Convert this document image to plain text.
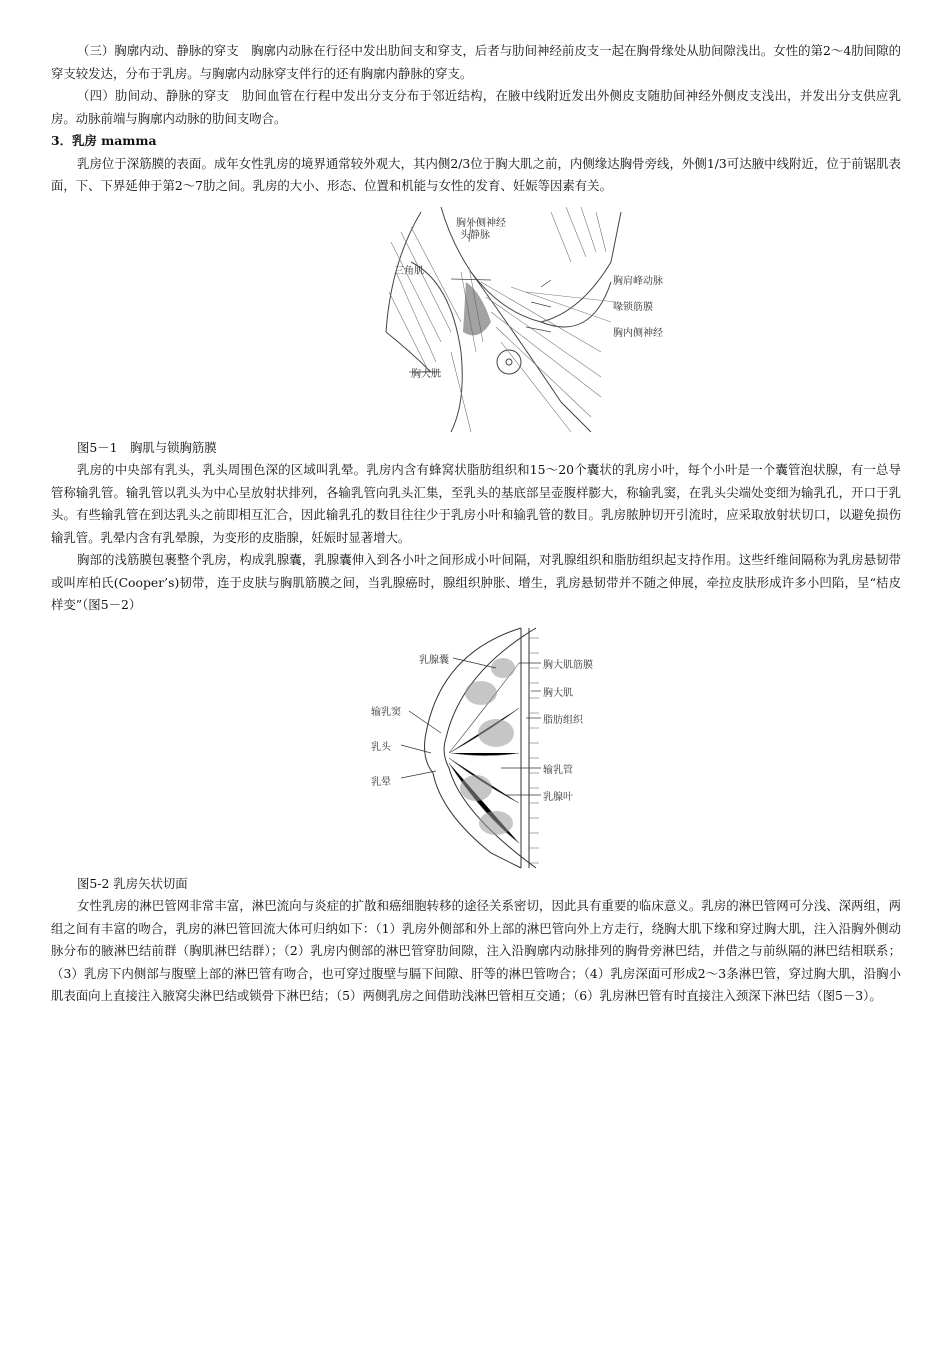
（三）胸廓内动、静脉的穿支　胸廓内动脉在行径中发出肋间支和穿支，后者与肋间神经前皮支一起在胸骨缘处从肋间隙浅出。女性的第2～4肋间隙的穿支较发达，分布于乳房。与胸廓内动脉穿支伴行的还有胸廓内静脉的穿支。

（四）肋间动、静脉的穿支　肋间血管在行程中发出分支分布于邻近结构，在腋中线附近发出外侧皮支随肋间神经外侧皮支浅出，并发出分支供应乳房。动脉前端与胸廓内动脉的肋间支吻合。

3．乳房 mamma

乳房位于深筋膜的表面。成年女性乳房的境界通常较外观大，其内侧2/3位于胸大肌之前，内侧缘达胸骨旁线，外侧1/3可达腋中线附近，位于前锯肌表面，下、下界延伸于第2～7肋之间。乳房的大小、形态、位置和机能与女性的发育、妊娠等因素有关。

胸外侧神经
头静脉
三角肌
胸肩峰动脉
喙锁筋膜
胸内侧神经
胸大肌
图5－1　胸肌与锁胸筋膜

乳房的中央部有乳头，乳头周围色深的区域叫乳晕。乳房内含有蜂窝状脂肪组织和15～20个囊状的乳房小叶，每个小叶是一个囊管泡状腺，有一总导管称输乳管。输乳管以乳头为中心呈放射状排列，各输乳管向乳头汇集，至乳头的基底部呈壶腹样膨大，称输乳窦，在乳头尖端处变细为输乳孔，开口于乳头。有些输乳管在到达乳头之前即相互汇合，因此输乳孔的数目往往少于乳房小叶和输乳管的数目。乳房脓肿切开引流时，应采取放射状切口，以避免损伤输乳管。乳晕内含有乳晕腺，为变形的皮脂腺，妊娠时显著增大。

胸部的浅筋膜包裹整个乳房，构成乳腺囊，乳腺囊伸入到各小叶之间形成小叶间隔，对乳腺组织和脂肪组织起支持作用。这些纤维间隔称为乳房悬韧带或叫库柏氏(Cooper’s)韧带，连于皮肤与胸肌筋膜之间，当乳腺癌时，腺组织肿胀、增生，乳房悬韧带并不随之伸展，牵拉皮肤形成许多小凹陷，呈“桔皮样变”（图5－2）

乳腺囊
输乳窦
乳头
乳晕
胸大肌筋膜
胸大肌
脂肪组织
输乳管
乳腺叶
图5-2 乳房矢状切面

女性乳房的淋巴管网非常丰富，淋巴流向与炎症的扩散和癌细胞转移的途径关系密切，因此具有重要的临床意义。乳房的淋巴管网可分浅、深两组，两组之间有丰富的吻合，乳房的淋巴管回流大体可归纳如下：（1）乳房外侧部和外上部的淋巴管向外上方走行，绕胸大肌下缘和穿过胸大肌，注入沿胸外侧动脉分布的腋淋巴结前群（胸肌淋巴结群）；（2）乳房内侧部的淋巴管穿肋间隙，注入沿胸廓内动脉排列的胸骨旁淋巴结，并借之与前纵隔的淋巴结相联系；（3）乳房下内侧部与腹壁上部的淋巴管有吻合，也可穿过腹壁与膈下间隙、肝等的淋巴管吻合；（4）乳房深面可形成2～3条淋巴管，穿过胸大肌，沿胸小肌表面向上直接注入腋窝尖淋巴结或锁骨下淋巴结；（5）两侧乳房之间借助浅淋巴管相互交通；（6）乳房淋巴管有时直接注入颈深下淋巴结（图5－3）。
